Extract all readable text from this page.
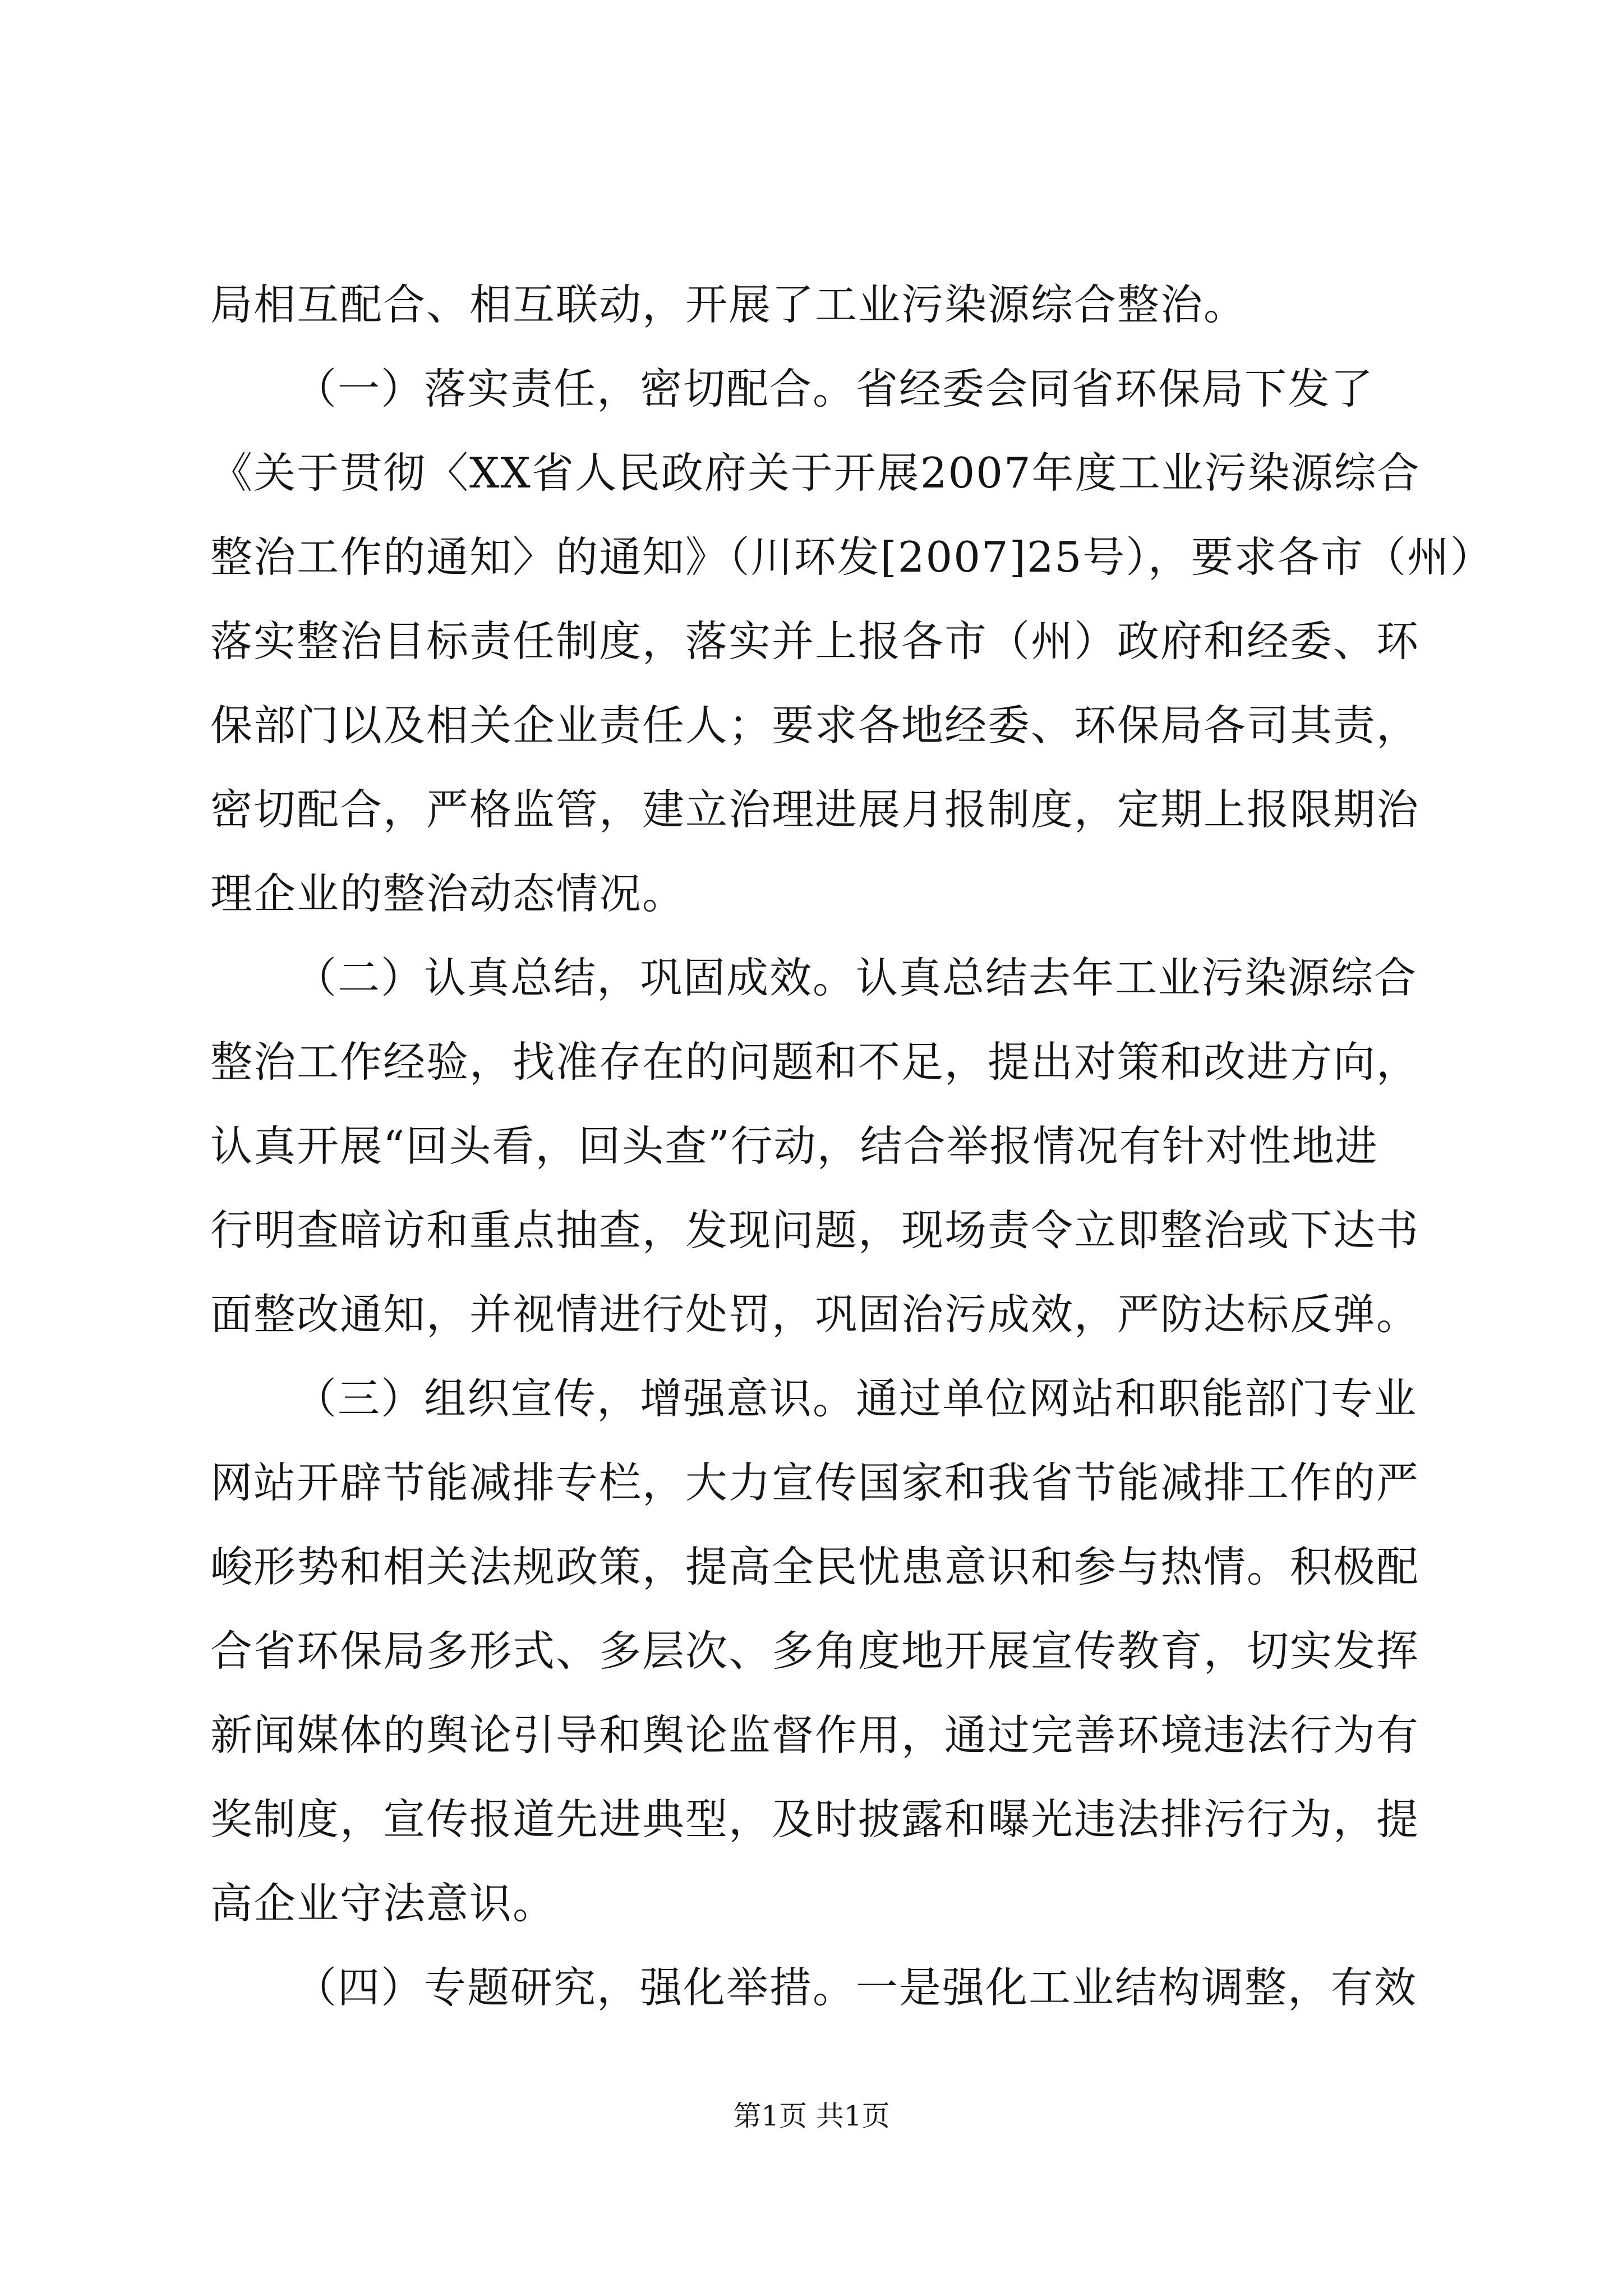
局相互配合、相互联动，开展了工业污染源综合整治。
（一）落实责任，密切配合。省经委会同省环保局下发了
《关于贯彻〈XX省人民政府关于开展2007年度工业污染源综合
整治工作的通知〉的通知》（川环发[2007]25号），要求各市（州）
落实整治目标责任制度，落实并上报各市（州）政府和经委、环
保部门以及相关企业责任人；要求各地经委、环保局各司其责，
密切配合，严格监管，建立治理进展月报制度，定期上报限期治
理企业的整治动态情况。
（二）认真总结，巩固成效。认真总结去年工业污染源综合
整治工作经验，找准存在的问题和不足，提出对策和改进方向，
认真开展“回头看，回头查”行动，结合举报情况有针对性地进
行明查暗访和重点抽查，发现问题，现场责令立即整治或下达书
面整改通知，并视情进行处罚，巩固治污成效，严防达标反弹。
（三）组织宣传，增强意识。通过单位网站和职能部门专业
网站开辟节能减排专栏，大力宣传国家和我省节能减排工作的严
峻形势和相关法规政策，提高全民忧患意识和参与热情。积极配
合省环保局多形式、多层次、多角度地开展宣传教育，切实发挥
新闻媒体的舆论引导和舆论监督作用，通过完善环境违法行为有
奖制度，宣传报道先进典型，及时披露和曝光违法排污行为，提
高企业守法意识。
（四）专题研究，强化举措。一是强化工业结构调整，有效
第1页 共1页
